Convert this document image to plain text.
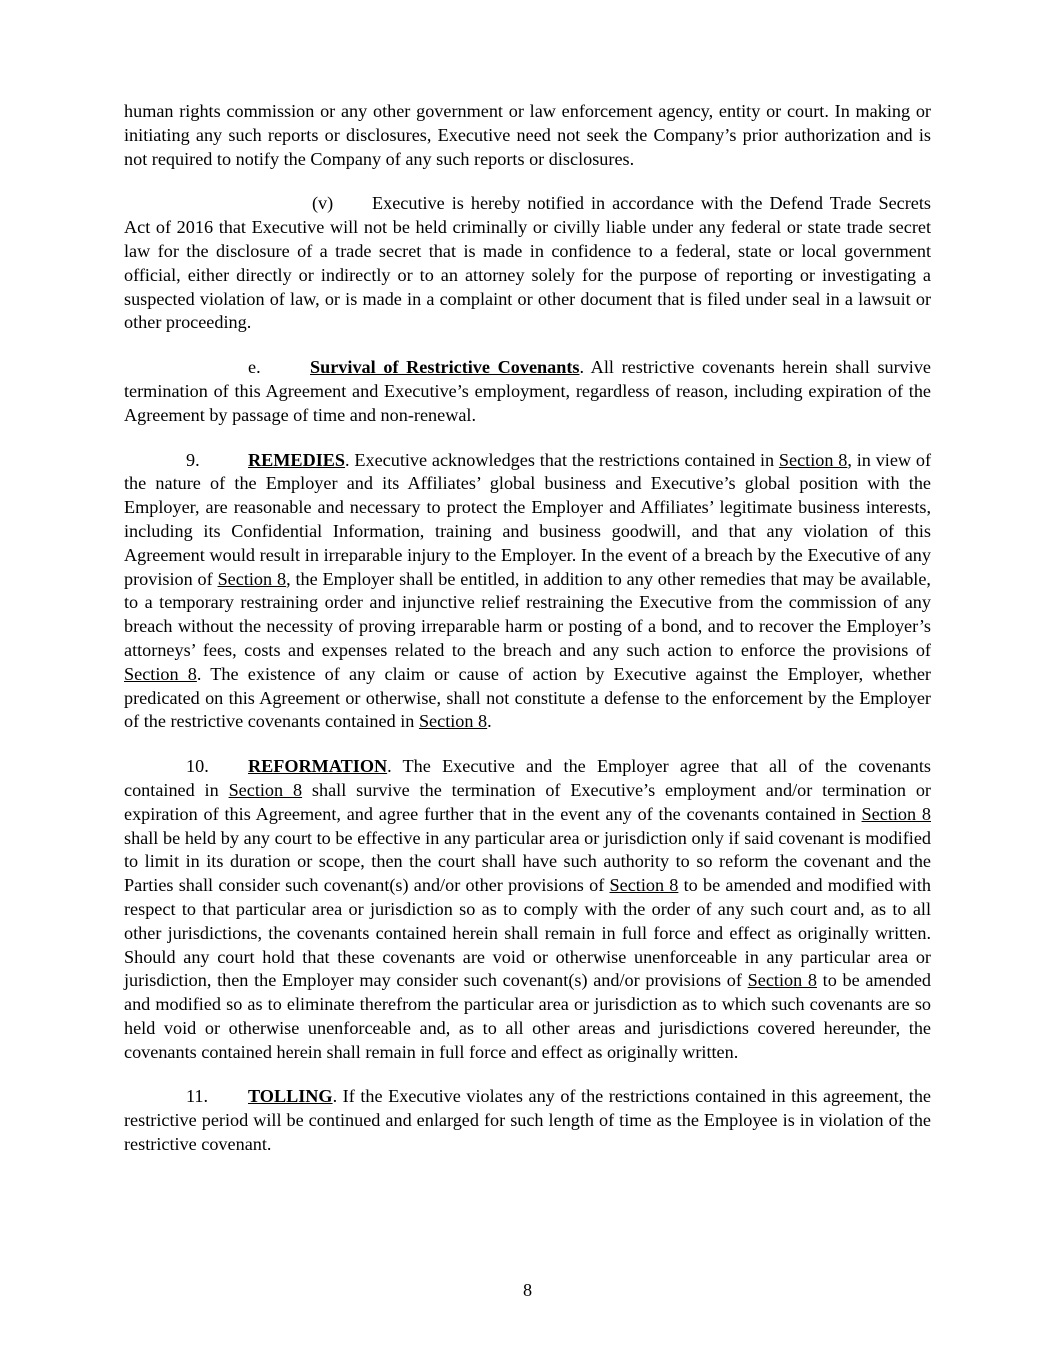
human rights commission or any other government or law enforcement agency, entity or court. In making or initiating any such reports or disclosures, Executive need not seek the Company’s prior authorization and is not required to notify the Company of any such reports or disclosures.

(v) Executive is hereby notified in accordance with the Defend Trade Secrets Act of 2016 that Executive will not be held criminally or civilly liable under any federal or state trade secret law for the disclosure of a trade secret that is made in confidence to a federal, state or local government official, either directly or indirectly or to an attorney solely for the purpose of reporting or investigating a suspected violation of law, or is made in a complaint or other document that is filed under seal in a lawsuit or other proceeding.

e.	Survival of Restrictive Covenants. All restrictive covenants herein shall survive termination of this Agreement and Executive’s employment, regardless of reason, including expiration of the Agreement by passage of time and non-renewal.

9.	REMEDIES. Executive acknowledges that the restrictions contained in Section 8, in view of the nature of the Employer and its Affiliates’ global business and Executive’s global position with the Employer, are reasonable and necessary to protect the Employer and Affiliates’ legitimate business interests, including its Confidential Information, training and business goodwill, and that any violation of this Agreement would result in irreparable injury to the Employer. In the event of a breach by the Executive of any provision of Section 8, the Employer shall be entitled, in addition to any other remedies that may be available, to a temporary restraining order and injunctive relief restraining the Executive from the commission of any breach without the necessity of proving irreparable harm or posting of a bond, and to recover the Employer’s attorneys’ fees, costs and expenses related to the breach and any such action to enforce the provisions of Section 8. The existence of any claim or cause of action by Executive against the Employer, whether predicated on this Agreement or otherwise, shall not constitute a defense to the enforcement by the Employer of the restrictive covenants contained in Section 8.

10. REFORMATION. The Executive and the Employer agree that all of the covenants contained in Section 8 shall survive the termination of Executive’s employment and/or termination or expiration of this Agreement, and agree further that in the event any of the covenants contained in Section 8 shall be held by any court to be effective in any particular area or jurisdiction only if said covenant is modified to limit in its duration or scope, then the court shall have such authority to so reform the covenant and the Parties shall consider such covenant(s) and/or other provisions of Section 8 to be amended and modified with respect to that particular area or jurisdiction so as to comply with the order of any such court and, as to all other jurisdictions, the covenants contained herein shall remain in full force and effect as originally written. Should any court hold that these covenants are void or otherwise unenforceable in any particular area or jurisdiction, then the Employer may consider such covenant(s) and/or provisions of Section 8 to be amended and modified so as to eliminate therefrom the particular area or jurisdiction as to which such covenants are so held void or otherwise unenforceable and, as to all other areas and jurisdictions covered hereunder, the covenants contained herein shall remain in full force and effect as originally written.

11. TOLLING. If the Executive violates any of the restrictions contained in this agreement, the restrictive period will be continued and enlarged for such length of time as the Employee is in violation of the restrictive covenant.

8
